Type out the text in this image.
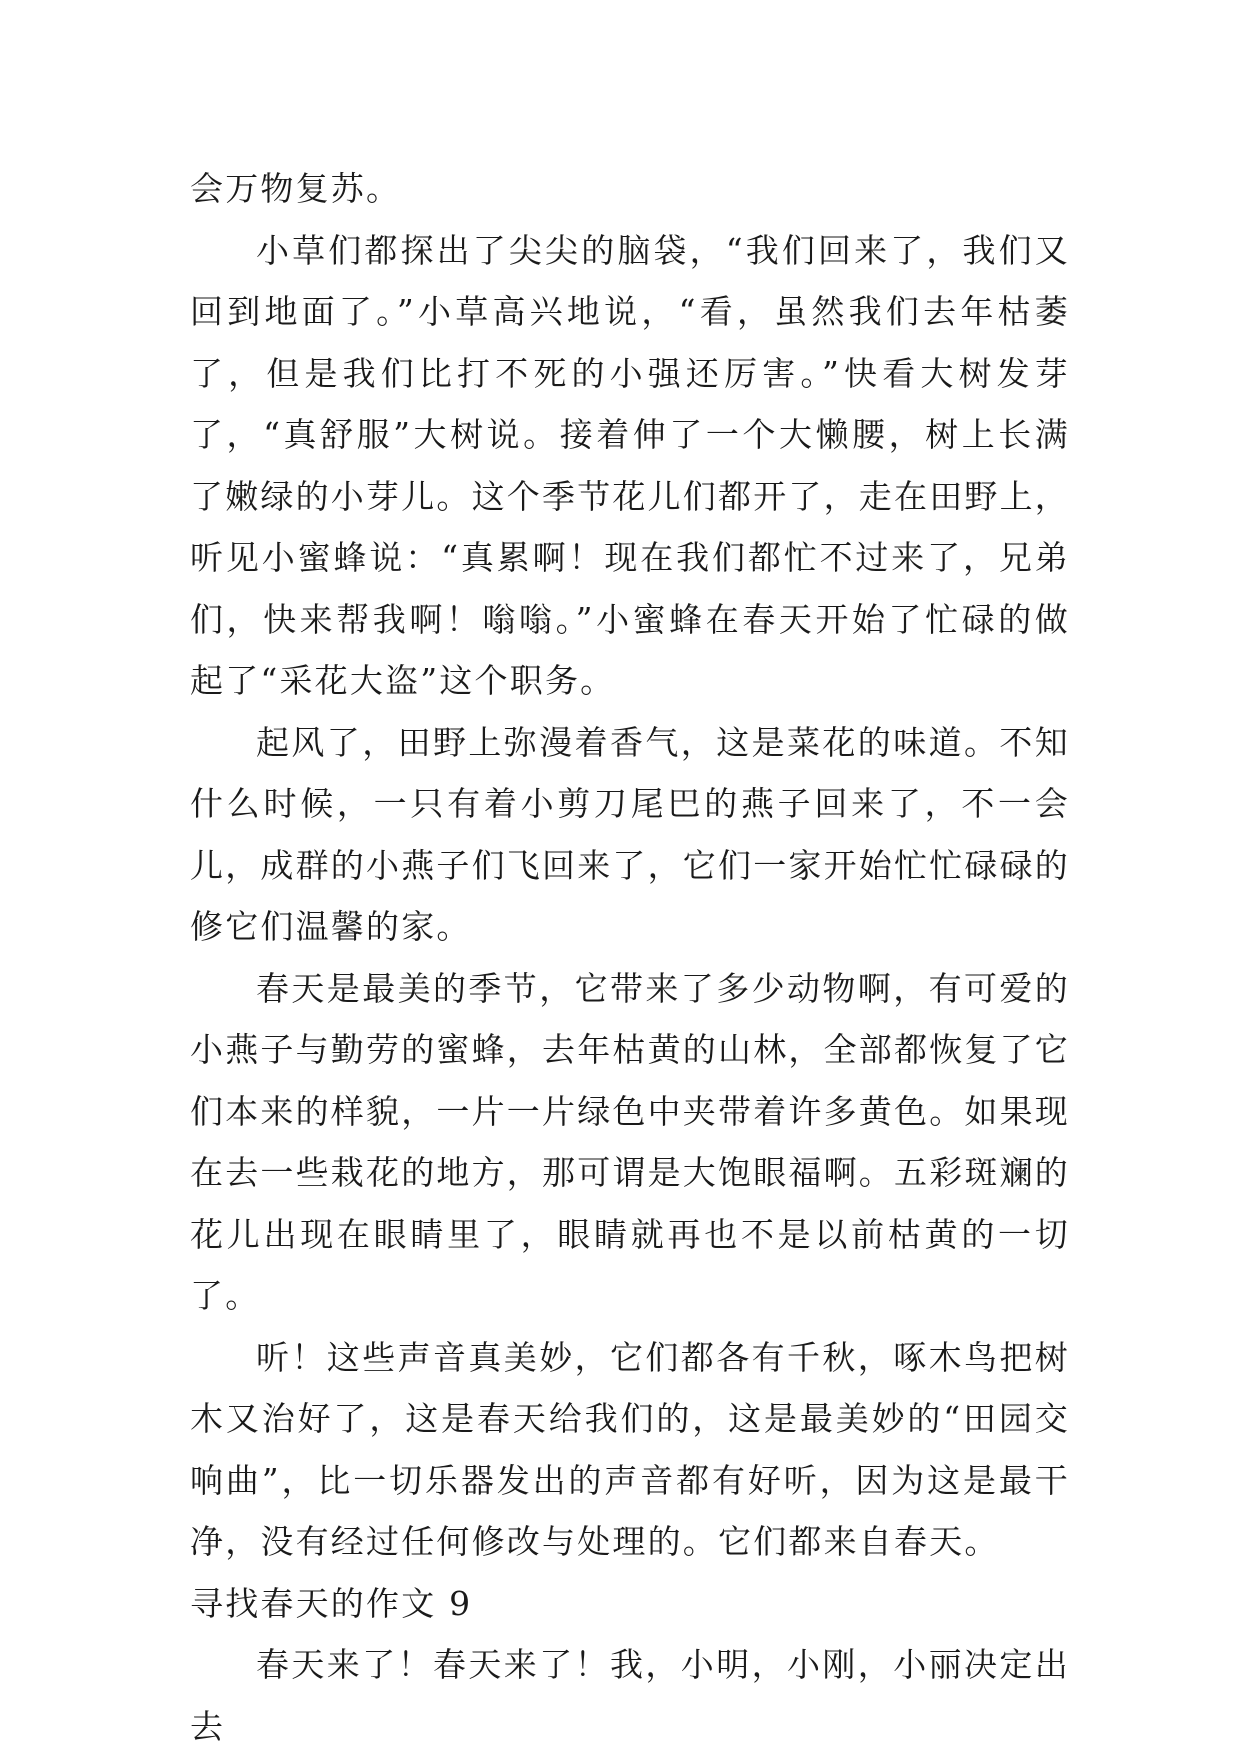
会万物复苏。

小草们都探出了尖尖的脑袋，“我们回来了，我们又回到地面了。”小草高兴地说，“看，虽然我们去年枯萎了，但是我们比打不死的小强还厉害。”快看大树发芽了，“真舒服”大树说。接着伸了一个大懒腰，树上长满了嫩绿的小芽儿。这个季节花儿们都开了，走在田野上，听见小蜜蜂说：“真累啊！现在我们都忙不过来了，兄弟们，快来帮我啊！嗡嗡。”小蜜蜂在春天开始了忙碌的做起了“采花大盗”这个职务。

起风了，田野上弥漫着香气，这是菜花的味道。不知什么时候，一只有着小剪刀尾巴的燕子回来了，不一会儿，成群的小燕子们飞回来了，它们一家开始忙忙碌碌的修它们温馨的家。

春天是最美的季节，它带来了多少动物啊，有可爱的小燕子与勤劳的蜜蜂，去年枯黄的山林，全部都恢复了它们本来的样貌，一片一片绿色中夹带着许多黄色。如果现在去一些栽花的地方，那可谓是大饱眼福啊。五彩斑斓的花儿出现在眼睛里了，眼睛就再也不是以前枯黄的一切了。

听！这些声音真美妙，它们都各有千秋，啄木鸟把树木又治好了，这是春天给我们的，这是最美妙的“田园交响曲”，比一切乐器发出的声音都有好听，因为这是最干净，没有经过任何修改与处理的。它们都来自春天。

寻找春天的作文 9

春天来了！春天来了！我，小明，小刚，小丽决定出去
